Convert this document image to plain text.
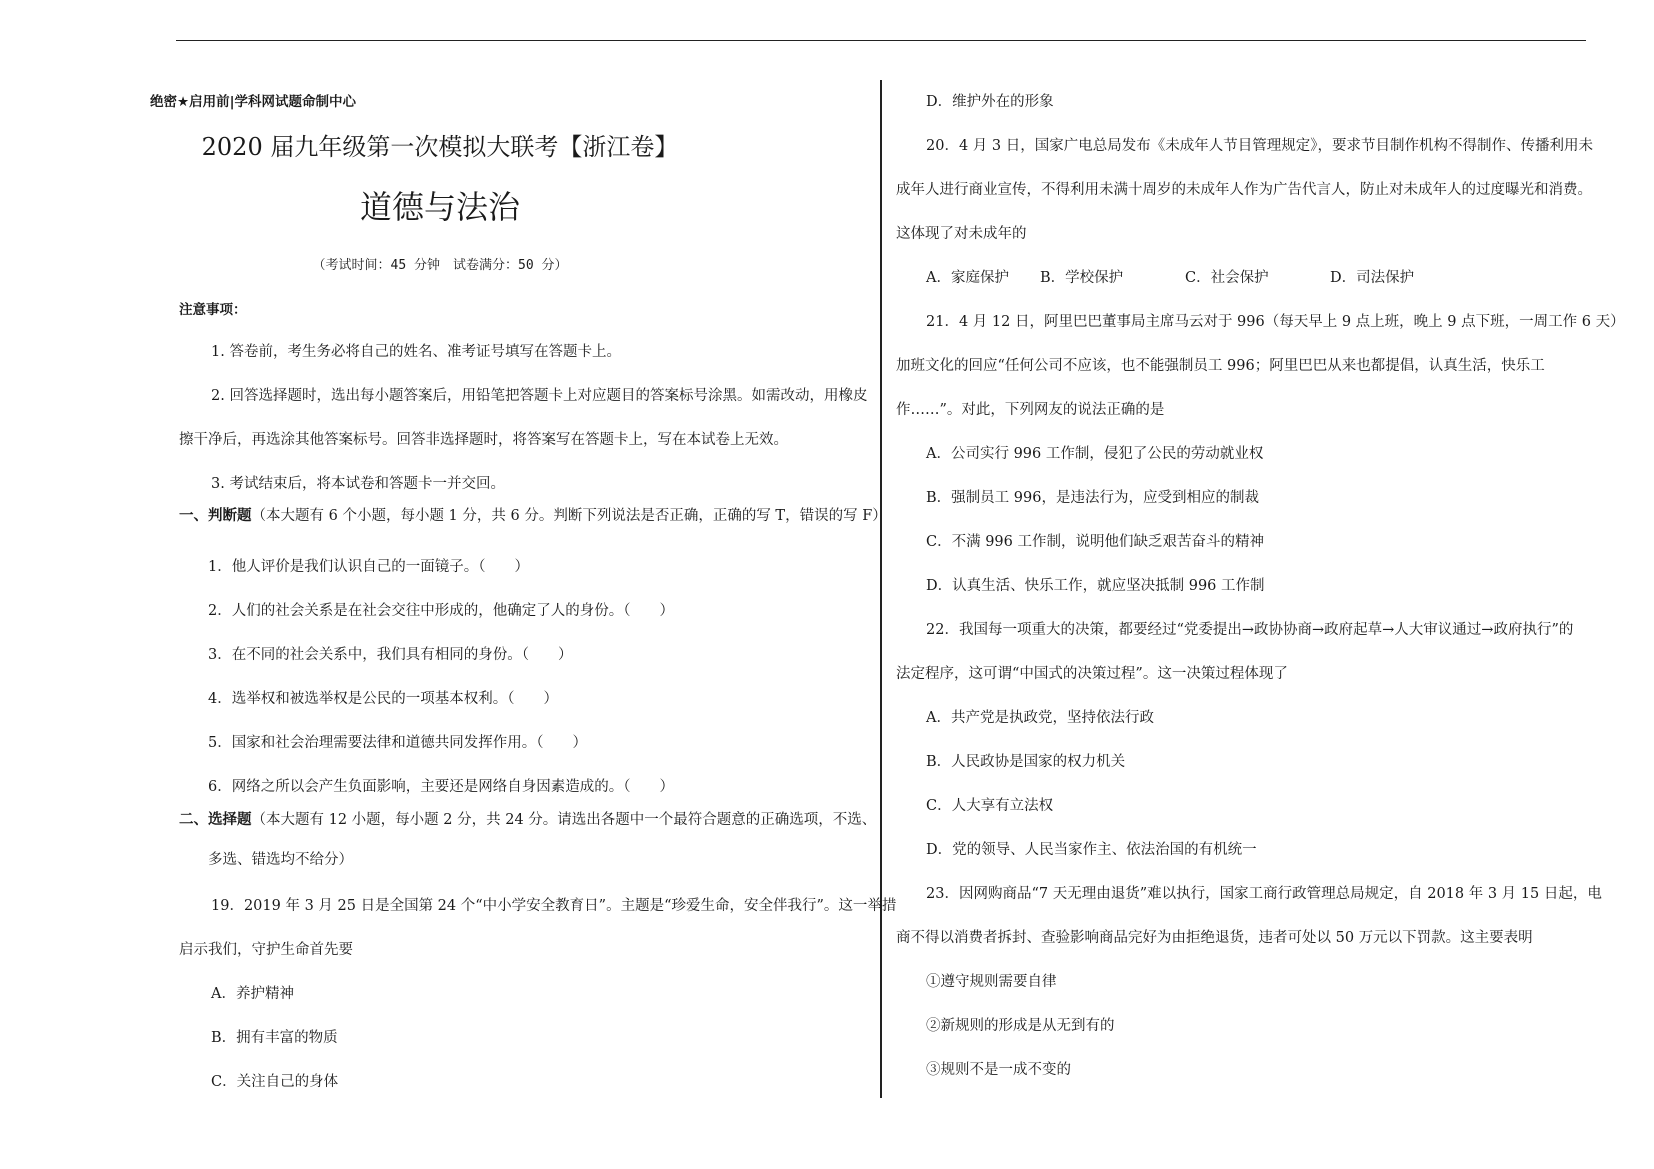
绝密★启用前|学科网试题命制中心
2020 届九年级第一次模拟大联考【浙江卷】
道德与法治
（考试时间：45 分钟　试卷满分：50 分）
注意事项：
1. 答卷前，考生务必将自己的姓名、准考证号填写在答题卡上。
2. 回答选择题时，选出每小题答案后，用铅笔把答题卡上对应题目的答案标号涂黑。如需改动，用橡皮
擦干净后，再选涂其他答案标号。回答非选择题时，将答案写在答题卡上，写在本试卷上无效。
3. 考试结束后，将本试卷和答题卡一并交回。
一、判断题（本大题有 6 个小题，每小题 1 分，共 6 分。判断下列说法是否正确，正确的写 T，错误的写 F）
1．他人评价是我们认识自己的一面镜子。（　　）
2．人们的社会关系是在社会交往中形成的，他确定了人的身份。（　　）
3．在不同的社会关系中，我们具有相同的身份。（　　）
4．选举权和被选举权是公民的一项基本权利。（　　）
5．国家和社会治理需要法律和道德共同发挥作用。（　　）
6．网络之所以会产生负面影响，主要还是网络自身因素造成的。（　　）
二、选择题（本大题有 12 小题，每小题 2 分，共 24 分。请选出各题中一个最符合题意的正确选项，不选、
多选、错选均不给分）
19．2019 年 3 月 25 日是全国第 24 个“中小学安全教育日”。主题是“珍爱生命，安全伴我行”。这一举措
启示我们，守护生命首先要
A．养护精神
B．拥有丰富的物质
C．关注自己的身体
D．维护外在的形象
20．4 月 3 日，国家广电总局发布《未成年人节目管理规定》，要求节目制作机构不得制作、传播利用未
成年人进行商业宣传，不得利用未满十周岁的未成年人作为广告代言人，防止对未成年人的过度曝光和消费。
这体现了对未成年的
A．家庭保护 B．学校保护	C．社会保护	D．司法保护
21．4 月 12 日，阿里巴巴董事局主席马云对于 996（每天早上 9 点上班，晚上 9 点下班，一周工作 6 天）
加班文化的回应“任何公司不应该，也不能强制员工 996；阿里巴巴从来也都提倡，认真生活，快乐工
作……”。对此，下列网友的说法正确的是
A．公司实行 996 工作制，侵犯了公民的劳动就业权
B．强制员工 996，是违法行为，应受到相应的制裁
C．不满 996 工作制，说明他们缺乏艰苦奋斗的精神
D．认真生活、快乐工作，就应坚决抵制 996 工作制
22．我国每一项重大的决策，都要经过“党委提出→政协协商→政府起草→人大审议通过→政府执行”的
法定程序，这可谓“中国式的决策过程”。这一决策过程体现了
A．共产党是执政党，坚持依法行政
B．人民政协是国家的权力机关
C．人大享有立法权
D．党的领导、人民当家作主、依法治国的有机统一
23．因网购商品“7 天无理由退货”难以执行，国家工商行政管理总局规定，自 2018 年 3 月 15 日起，电
商不得以消费者拆封、查验影响商品完好为由拒绝退货，违者可处以 50 万元以下罚款。这主要表明
①遵守规则需要自律
②新规则的形成是从无到有的
③规则不是一成不变的
